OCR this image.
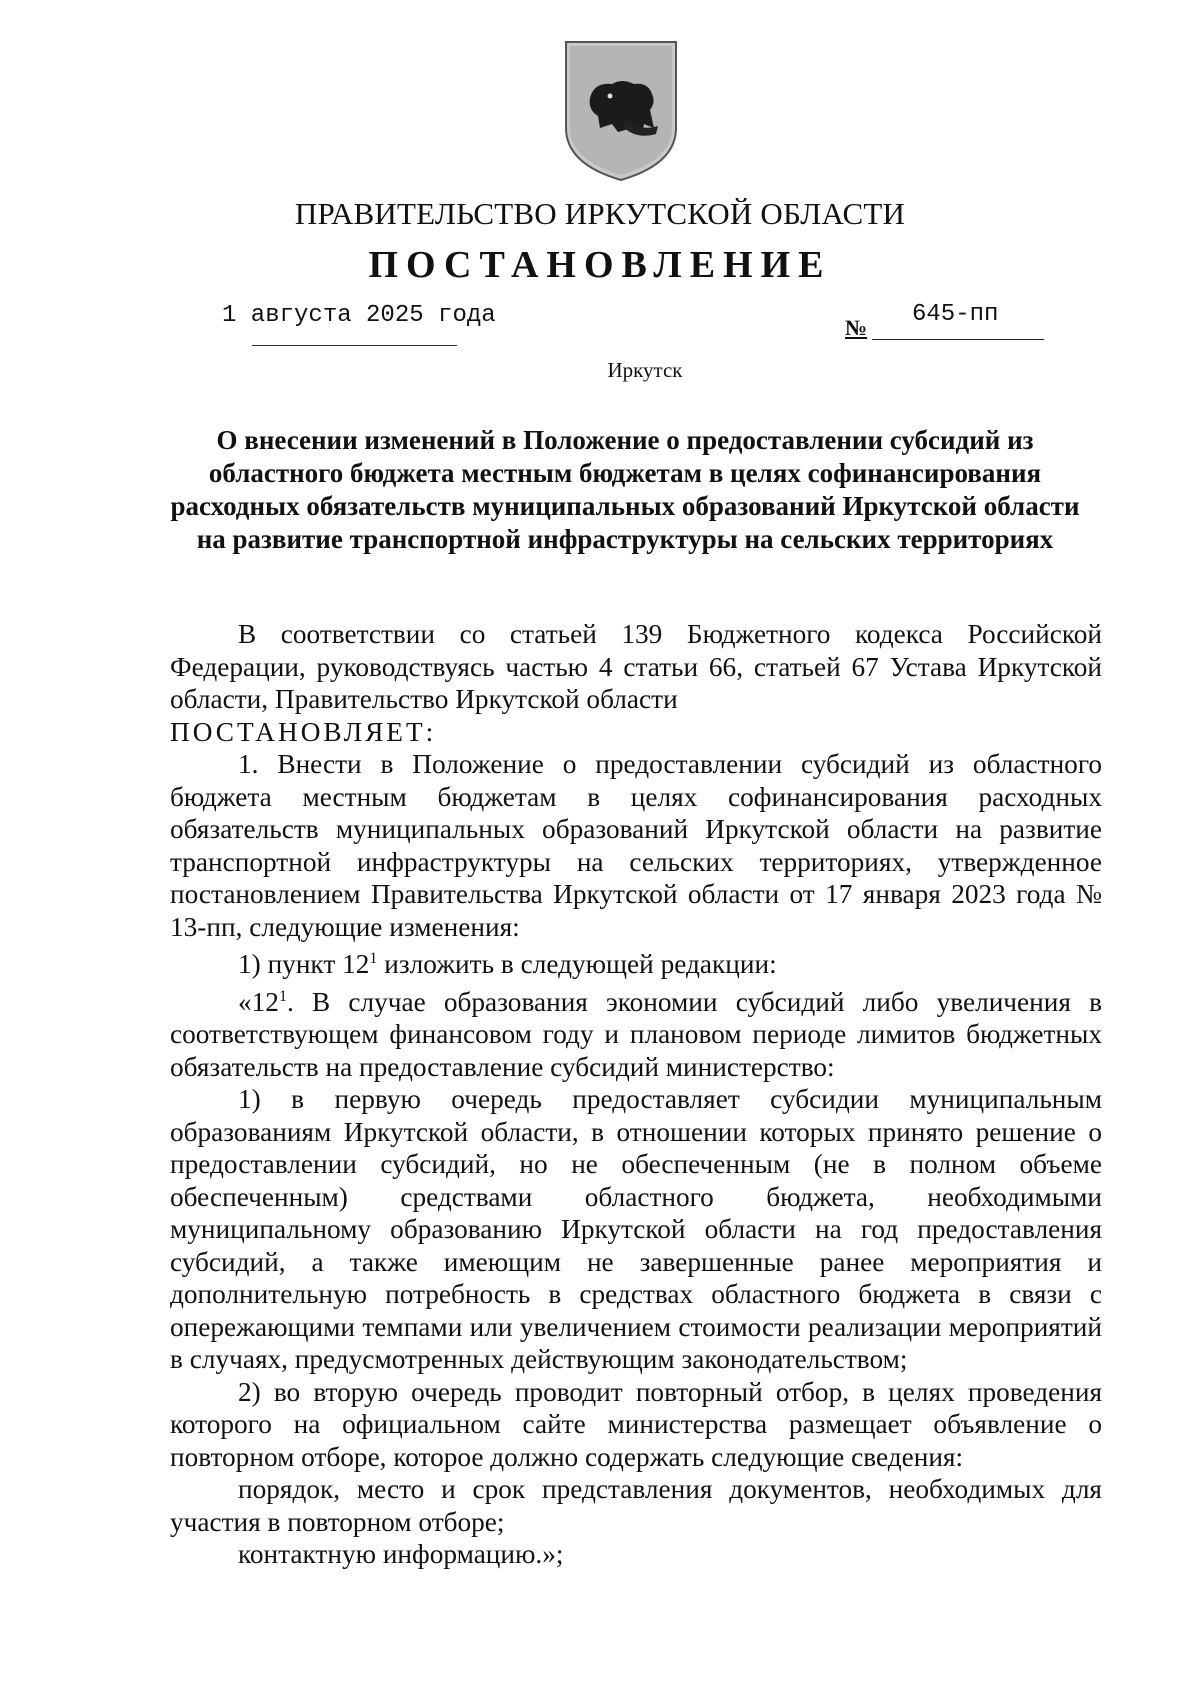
ПРАВИТЕЛЬСТВО ИРКУТСКОЙ ОБЛАСТИ
ПОСТАНОВЛЕНИЕ
1 августа 2025 года	№ 645-пп
Иркутск
О внесении изменений в Положение о предоставлении субсидий из областного бюджета местным бюджетам в целях софинансирования расходных обязательств муниципальных образований Иркутской области на развитие транспортной инфраструктуры на сельских территориях

В соответствии со статьей 139 Бюджетного кодекса Российской Федерации, руководствуясь частью 4 статьи 66, статьей 67 Устава Иркутской области, Правительство Иркутской области

ПОСТАНОВЛЯЕТ:

1. Внести в Положение о предоставлении субсидий из областного бюджета местным бюджетам в целях софинансирования расходных обязательств муниципальных образований Иркутской области на развитие транспортной инфраструктуры на сельских территориях, утвержденное постановлением Правительства Иркутской области от 17 января 2023 года № 13-пп, следующие изменения:

1) пункт $12^1$ изложить в следующей редакции:

«$12^1$. В случае образования экономии субсидий либо увеличения в соответствующем финансовом году и плановом периоде лимитов бюджетных обязательств на предоставление субсидий министерство:

1) в первую очередь предоставляет субсидии муниципальным образованиям Иркутской области, в отношении которых принято решение о предоставлении субсидий, но не обеспеченным (не в полном объеме обеспеченным) средствами областного бюджета, необходимыми муниципальному образованию Иркутской области на год предоставления субсидий, а также имеющим не завершенные ранее мероприятия и дополнительную потребность в средствах областного бюджета в связи с опережающими темпами или увеличением стоимости реализации мероприятий в случаях, предусмотренных действующим законодательством;

2) во вторую очередь проводит повторный отбор, в целях проведения которого на официальном сайте министерства размещает объявление о повторном отборе, которое должно содержать следующие сведения:

порядок, место и срок представления документов, необходимых для участия в повторном отборе;

контактную информацию.»;
